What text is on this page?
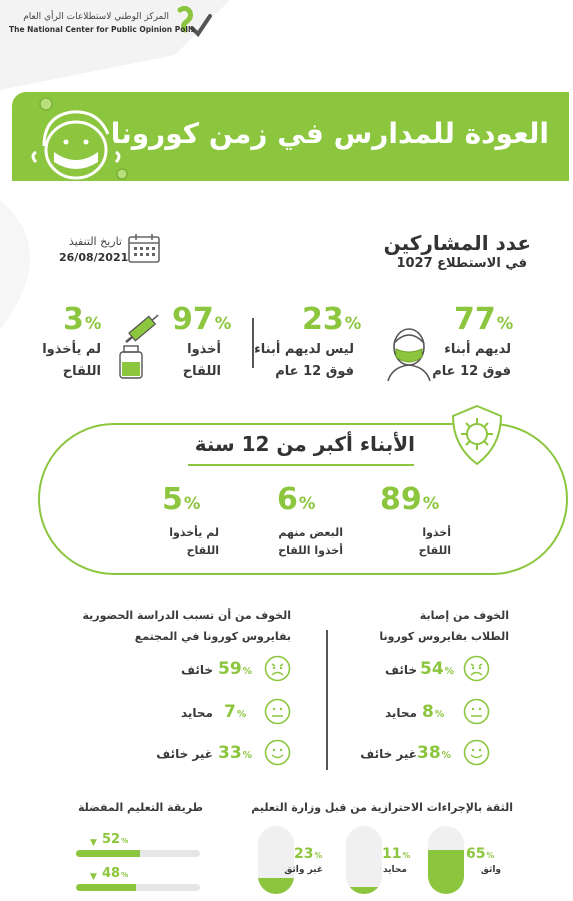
المركز الوطني لاستطلاعات الرأي العام
The National Center for Public Opinion Polls
العودة للمدارس في زمن كورونا
عدد المشاركين
في الاستطلاع 1027
تاريخ التنفيذ
26/08/2021
77%
لديهم أبناء
فوق 12 عام
23%
ليس لديهم أبناء
فوق 12 عام
97%
أخذوا
اللقاح
3%
لم يأخذوا
اللقاح
الأبناء أكبر من 12 سنة
89%
أخذوا
اللقاح
6%
البعض منهم
أخذوا اللقاح
5%
لم يأخذوا
اللقاح
الخوف من إصابة
الطلاب بفايروس كورونا
الخوف من أن تسبب الدراسة الحضورية
بفايروس كورونا في المجتمع
54%
خائف
8%
محايد
38%
غير خائف
59%
خائف
7%
محايد
33%
غير خائف
الثقة بالإجراءات الاحترازية من قبل وزارة التعليم
65%
واثق
11%
محايد
23%
غير واثق
طريقة التعليم المفضلة
▼ 52%
▼ 48%
